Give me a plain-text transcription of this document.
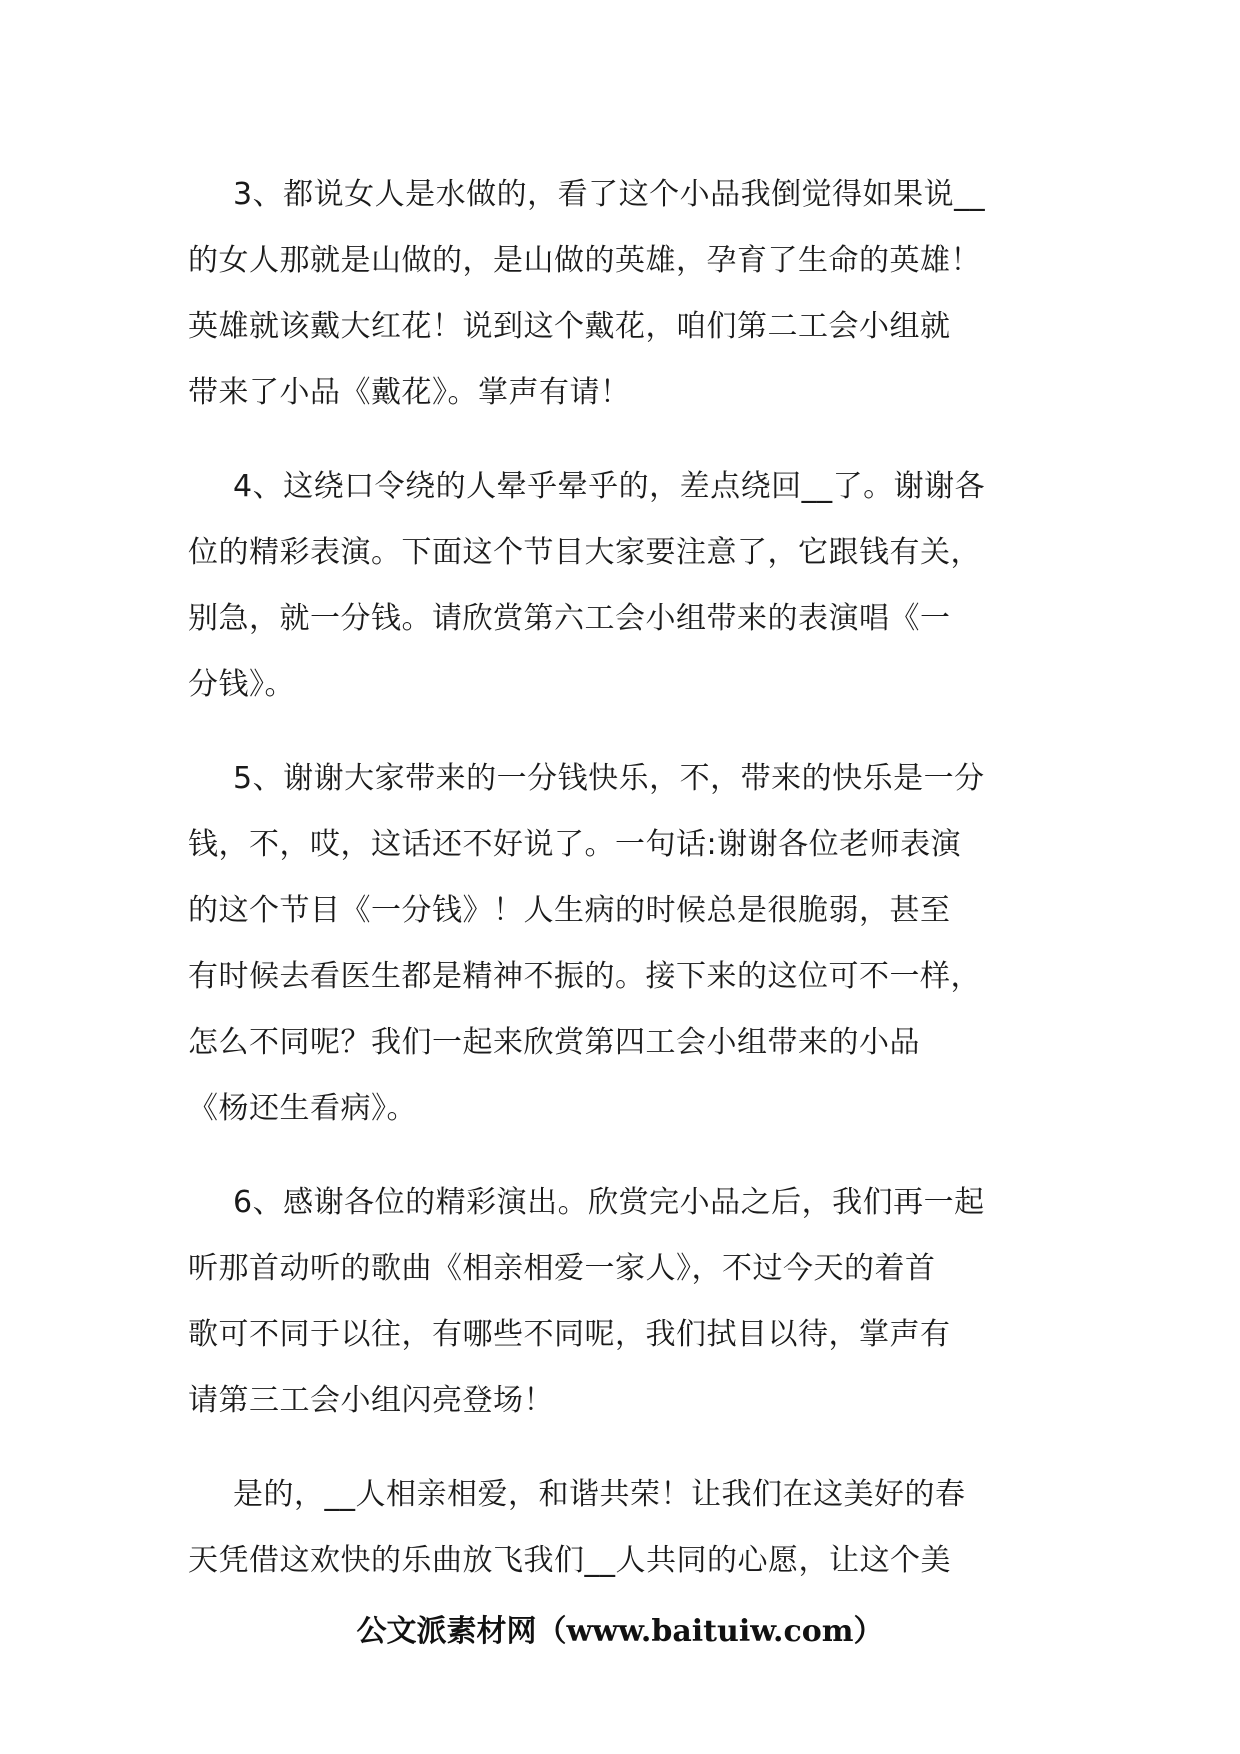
3、都说女人是水做的，看了这个小品我倒觉得如果说__
的女人那就是山做的，是山做的英雄，孕育了生命的英雄！
英雄就该戴大红花！说到这个戴花，咱们第二工会小组就
带来了小品《戴花》。掌声有请！

4、这绕口令绕的人晕乎晕乎的，差点绕回__了。谢谢各
位的精彩表演。下面这个节目大家要注意了，它跟钱有关，
别急，就一分钱。请欣赏第六工会小组带来的表演唱《一
分钱》。

5、谢谢大家带来的一分钱快乐，不，带来的快乐是一分
钱，不，哎，这话还不好说了。一句话:谢谢各位老师表演
的这个节目《一分钱》！人生病的时候总是很脆弱，甚至
有时候去看医生都是精神不振的。接下来的这位可不一样，
怎么不同呢？我们一起来欣赏第四工会小组带来的小品
《杨还生看病》。

6、感谢各位的精彩演出。欣赏完小品之后，我们再一起
听那首动听的歌曲《相亲相爱一家人》，不过今天的着首
歌可不同于以往，有哪些不同呢，我们拭目以待，掌声有
请第三工会小组闪亮登场！

是的，__人相亲相爱，和谐共荣！让我们在这美好的春
天凭借这欢快的乐曲放飞我们__人共同的心愿，让这个美

公文派素材网（www.baituiw.com）
